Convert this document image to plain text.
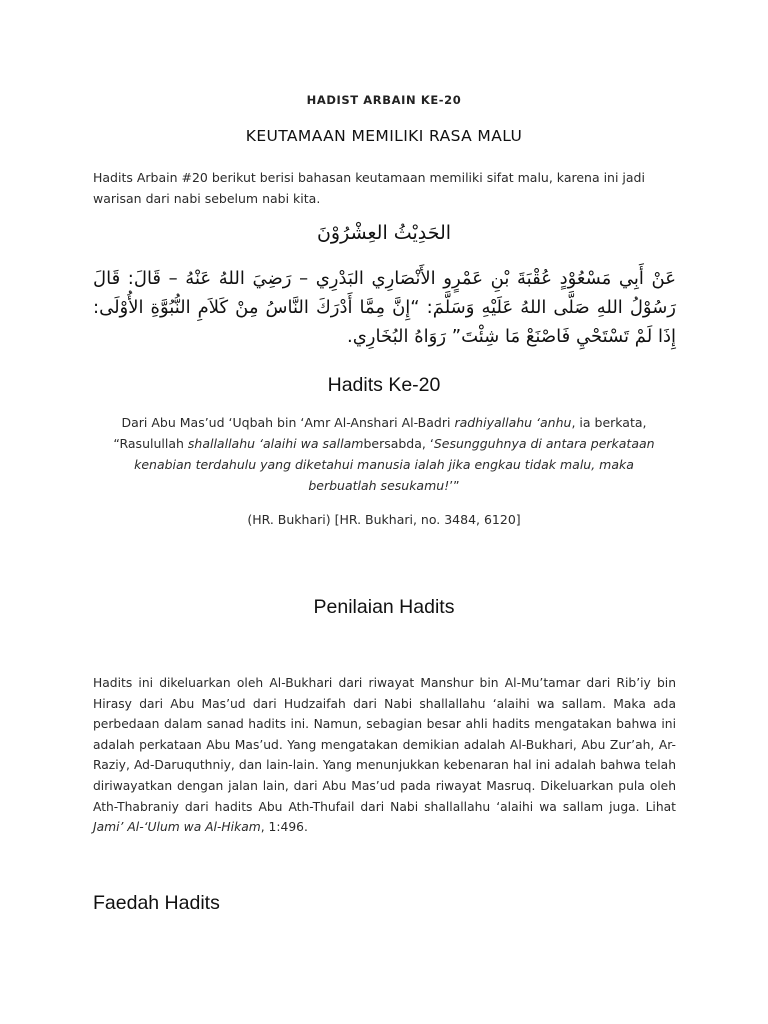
HADIST ARBAIN KE-20
KEUTAMAAN MEMILIKI RASA MALU
Hadits Arbain #20 berikut berisi bahasan keutamaan memiliki sifat malu, karena ini jadi warisan dari nabi sebelum nabi kita.
الحَدِيْثُ العِشْرُوْنَ
عَنْ أَبِي مَسْعُوْدٍ عُقْبَةَ بْنِ عَمْرٍو الأَنْصَارِي البَدْرِي – رَضِيَ اللهُ عَنْهُ – قَالَ: قَالَ رَسُوْلُ اللهِ صَلَّى اللهُ عَلَيْهِ وَسَلَّمَ: “إِنَّ مِمَّا أَدْرَكَ النَّاسُ مِنْ كَلاَمِ النُّبُوَّةِ الأُوْلَى: إِذَا لَمْ تَسْتَحْيِ فَاصْنَعْ مَا شِئْتَ” رَوَاهُ البُخَارِي.
Hadits Ke-20
Dari Abu Mas’ud ‘Uqbah bin ‘Amr Al-Anshari Al-Badri radhiyallahu ‘anhu, ia berkata, “Rasulullah shallallahu ‘alaihi wa sallambersabda, ‘Sesungguhnya di antara perkataan kenabian terdahulu yang diketahui manusia ialah jika engkau tidak malu, maka berbuatlah sesukamu!’”
(HR. Bukhari) [HR. Bukhari, no. 3484, 6120]
Penilaian Hadits
Hadits ini dikeluarkan oleh Al-Bukhari dari riwayat Manshur bin Al-Mu’tamar dari Rib’iy bin Hirasy dari Abu Mas’ud dari Hudzaifah dari Nabi shallallahu ‘alaihi wa sallam. Maka ada perbedaan dalam sanad hadits ini. Namun, sebagian besar ahli hadits mengatakan bahwa ini adalah perkataan Abu Mas’ud. Yang mengatakan demikian adalah Al-Bukhari, Abu Zur’ah, Ar-Raziy, Ad-Daruquthniy, dan lain-lain. Yang menunjukkan kebenaran hal ini adalah bahwa telah diriwayatkan dengan jalan lain, dari Abu Mas’ud pada riwayat Masruq. Dikeluarkan pula oleh Ath-Thabraniy dari hadits Abu Ath-Thufail dari Nabi shallallahu ‘alaihi wa sallam juga. Lihat Jami’ Al-‘Ulum wa Al-Hikam, 1:496.
Faedah Hadits
